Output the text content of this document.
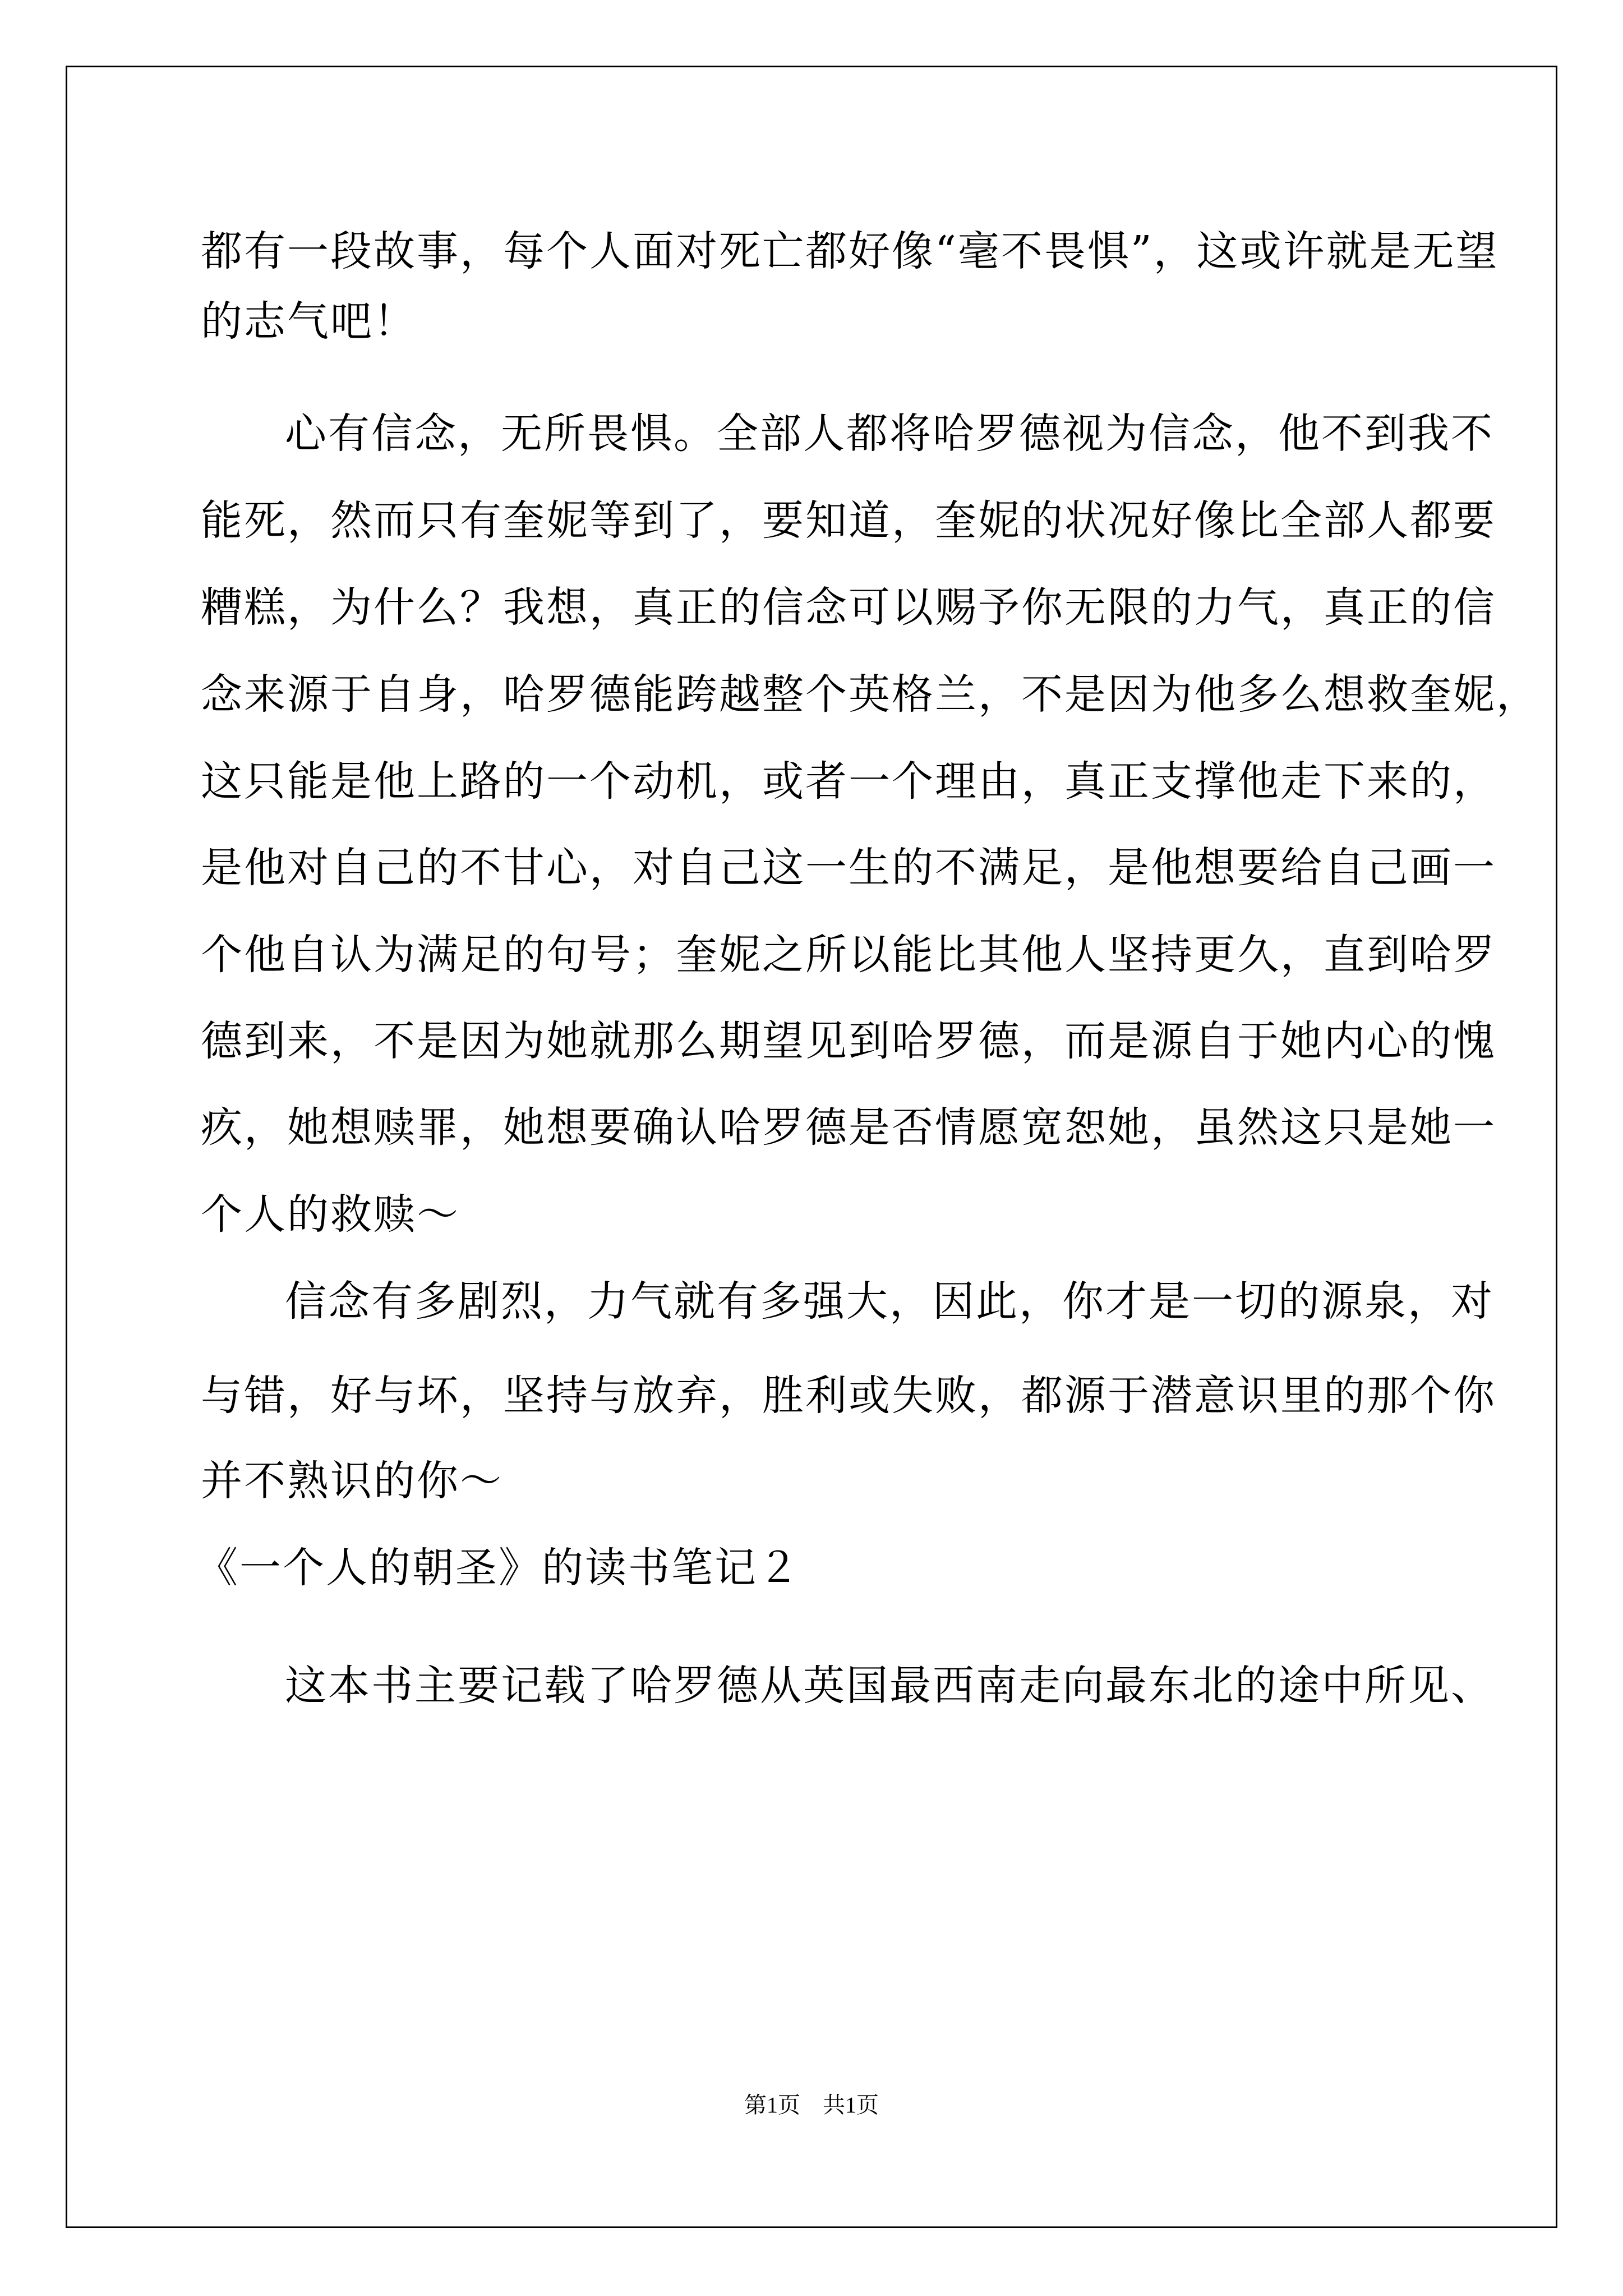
都有一段故事，每个人面对死亡都好像“毫不畏惧”，这或许就是无望
的志气吧！
心有信念，无所畏惧。全部人都将哈罗德视为信念，他不到我不
能死，然而只有奎妮等到了，要知道，奎妮的状况好像比全部人都要
糟糕，为什么？我想，真正的信念可以赐予你无限的力气，真正的信
念来源于自身，哈罗德能跨越整个英格兰，不是因为他多么想救奎妮，
这只能是他上路的一个动机，或者一个理由，真正支撑他走下来的，
是他对自己的不甘心，对自己这一生的不满足，是他想要给自己画一
个他自认为满足的句号；奎妮之所以能比其他人坚持更久，直到哈罗
德到来，不是因为她就那么期望见到哈罗德，而是源自于她内心的愧
疚，她想赎罪，她想要确认哈罗德是否情愿宽恕她，虽然这只是她一
个人的救赎～
信念有多剧烈，力气就有多强大，因此，你才是一切的源泉，对
与错，好与坏，坚持与放弃，胜利或失败，都源于潜意识里的那个你
并不熟识的你～
《一个人的朝圣》的读书笔记２
这本书主要记载了哈罗德从英国最西南走向最东北的途中所见、
第1页　共1页
